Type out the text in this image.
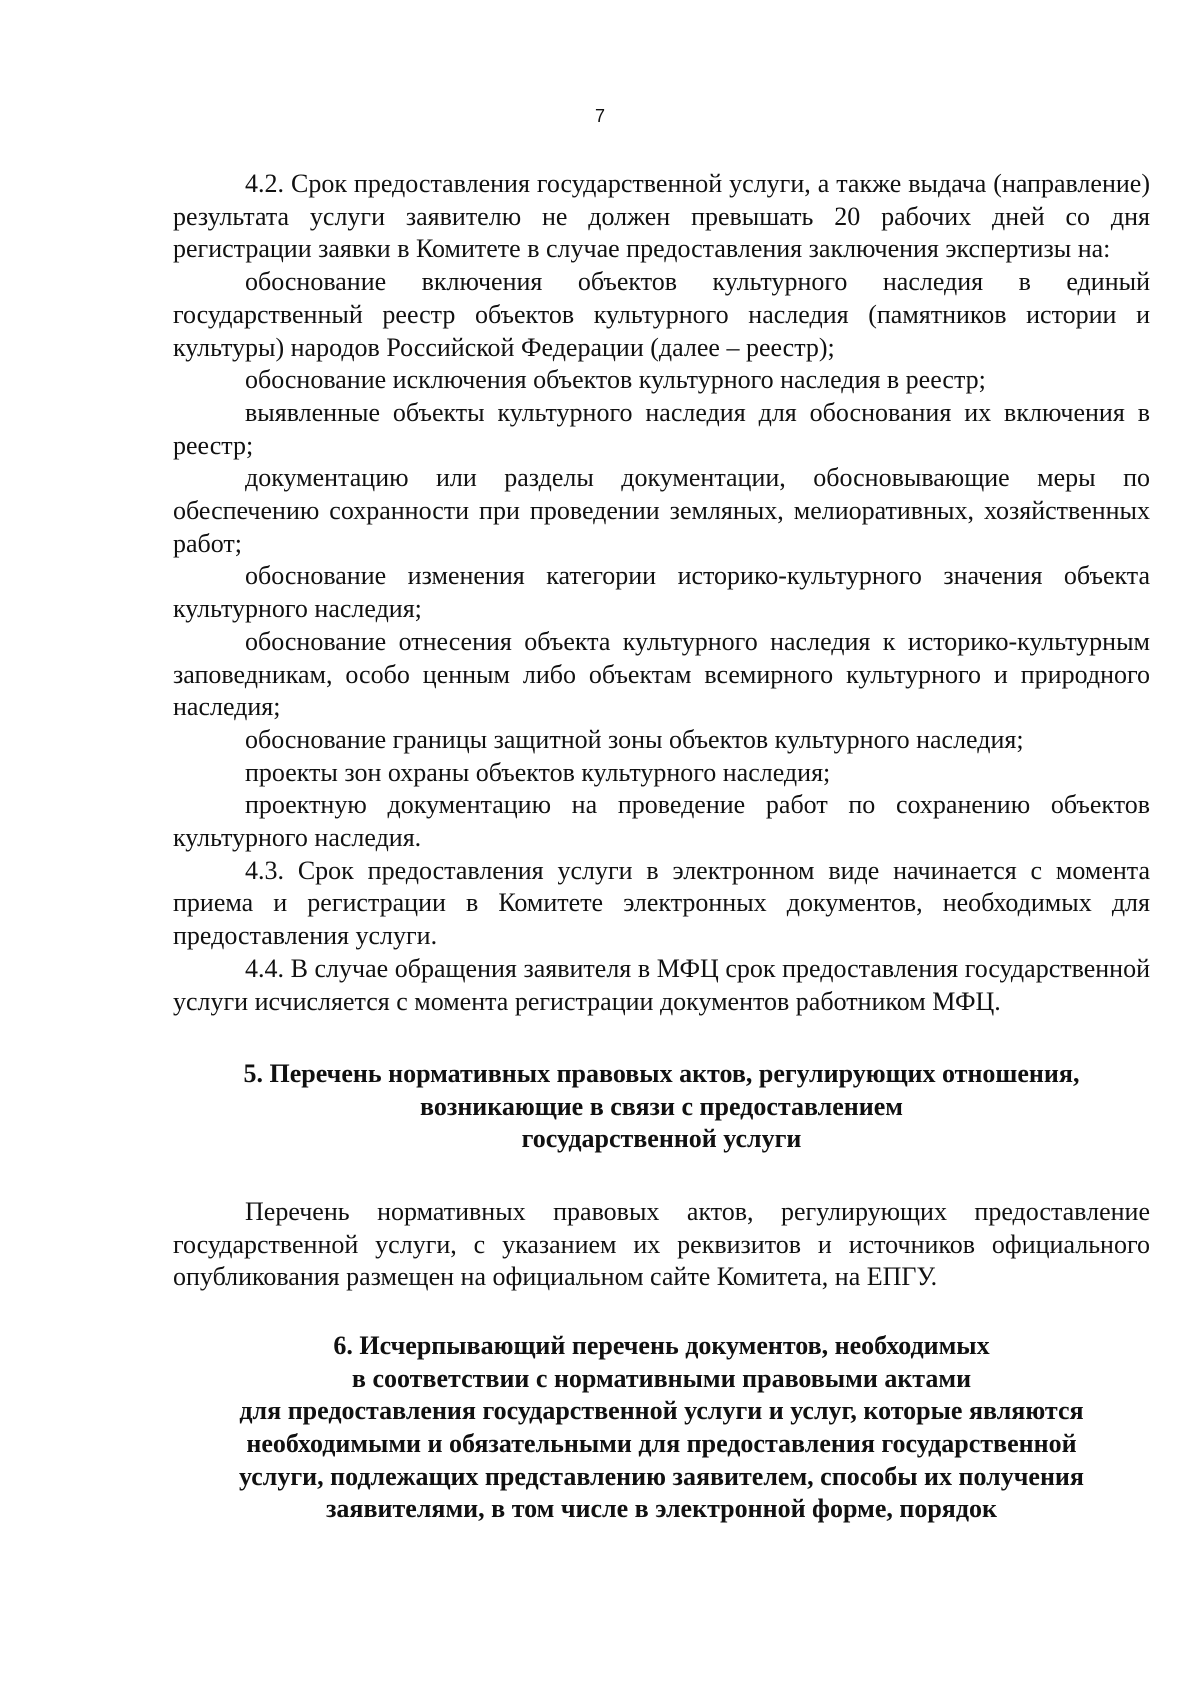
7

4.2. Срок предоставления государственной услуги, а также выдача (направление) результата услуги заявителю не должен превышать 20 рабочих дней со дня регистрации заявки в Комитете в случае предоставления заключения экспертизы на:

обоснование включения объектов культурного наследия в единый государственный реестр объектов культурного наследия (памятников истории и культуры) народов Российской Федерации (далее – реестр);

обоснование исключения объектов культурного наследия в реестр;

выявленные объекты культурного наследия для обоснования их включения в реестр;

документацию или разделы документации, обосновывающие меры по обеспечению сохранности при проведении земляных, мелиоративных, хозяйственных работ;

обоснование изменения категории историко-культурного значения объекта культурного наследия;

обоснование отнесения объекта культурного наследия к историко-культурным заповедникам, особо ценным либо объектам всемирного культурного и природного наследия;

обоснование границы защитной зоны объектов культурного наследия;

проекты зон охраны объектов культурного наследия;

проектную документацию на проведение работ по сохранению объектов культурного наследия.

4.3. Срок предоставления услуги в электронном виде начинается с момента приема и регистрации в Комитете электронных документов, необходимых для предоставления услуги.

4.4. В случае обращения заявителя в МФЦ срок предоставления государственной услуги исчисляется с момента регистрации документов работником МФЦ.

5. Перечень нормативных правовых актов, регулирующих отношения,
возникающие в связи с предоставлением
государственной услуги

Перечень нормативных правовых актов, регулирующих предоставление государственной услуги, с указанием их реквизитов и источников официального опубликования размещен на официальном сайте Комитета, на ЕПГУ.

6. Исчерпывающий перечень документов, необходимых
в соответствии с нормативными правовыми актами
для предоставления государственной услуги и услуг, которые являются
необходимыми и обязательными для предоставления государственной
услуги, подлежащих представлению заявителем, способы их получения
заявителями, в том числе в электронной форме, порядок
